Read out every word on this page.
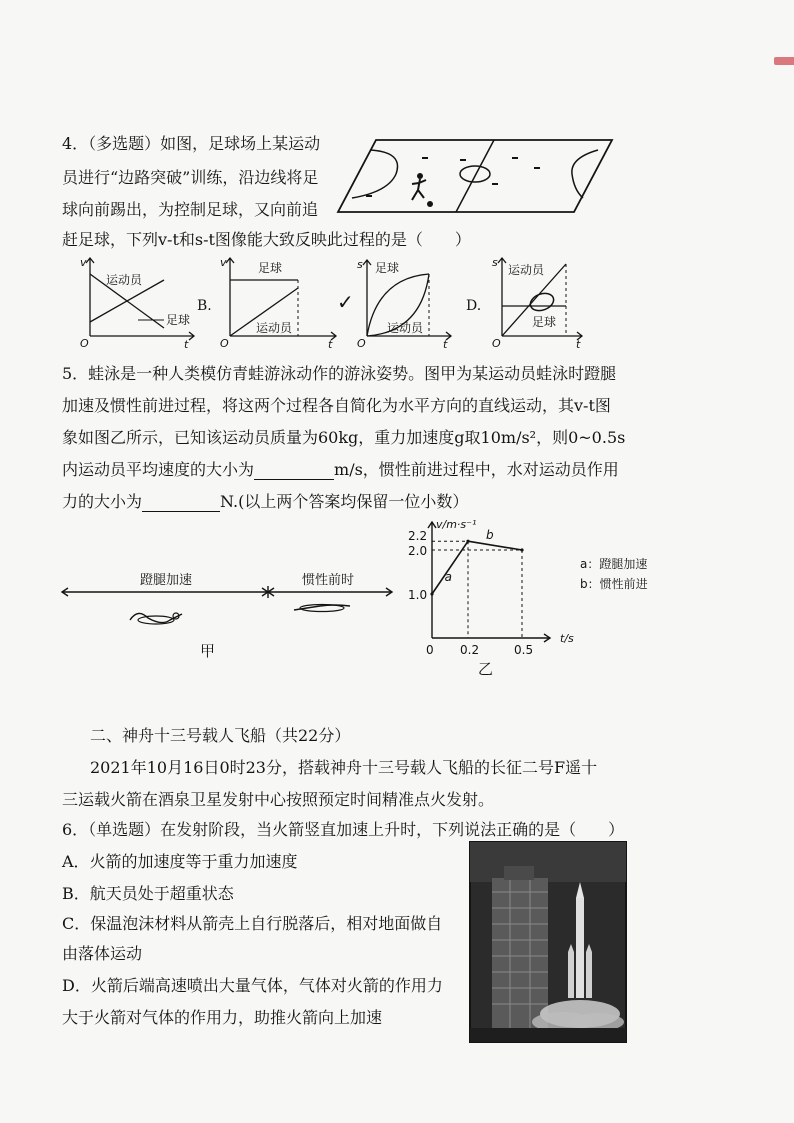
4．（多选题）如图，足球场上某运动
员进行“边路突破”训练，沿边线将足
球向前踢出，为控制足球，又向前追
赶足球，下列v-t和s-t图像能大致反映此过程的是（　　）
v
t
O
运动员
足球
B.
v
t
O
足球
运动员
✓
s
t
O
足球
运动员
D.
s
t
O
运动员
足球
5．蛙泳是一种人类模仿青蛙游泳动作的游泳姿势。图甲为某运动员蛙泳时蹬腿
加速及惯性前进过程，将这两个过程各自简化为水平方向的直线运动，其v-t图
象如图乙所示，已知该运动员质量为60kg，重力加速度g取10m/s²，则0~0.5s
内运动员平均速度的大小为	m/s，惯性前进过程中，水对运动员作用
力的大小为	N.(以上两个答案均保留一位小数）
蹬腿加速	惯性前时
甲
1.0
2.0
2.2
0.2	0.5
a
b
v/m·s⁻¹
t/s
0
a：蹬腿加速
b：惯性前进
乙
二、神舟十三号载人飞船（共22分）
2021年10月16日0时23分，搭载神舟十三号载人飞船的长征二号F遥十
三运载火箭在酒泉卫星发射中心按照预定时间精准点火发射。
6．（单选题）在发射阶段，当火箭竖直加速上升时，下列说法正确的是（　　）
A．火箭的加速度等于重力加速度
B．航天员处于超重状态
C．保温泡沫材料从箭壳上自行脱落后，相对地面做自
由落体运动
D．火箭后端高速喷出大量气体，气体对火箭的作用力
大于火箭对气体的作用力，助推火箭向上加速
